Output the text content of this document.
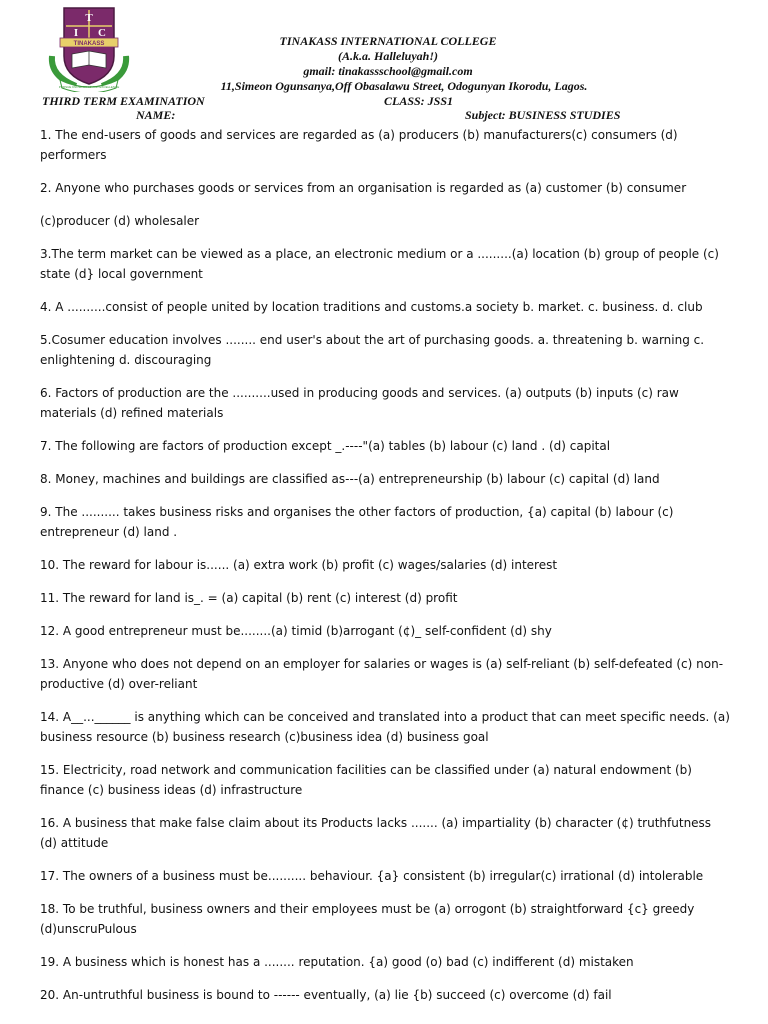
T
I C
TINAKASS
PURSUE KNOWLEDGE AND EXCELLENCE
TINAKASS INTERNATIONAL COLLEGE
(A.k.a. Halleluyah!)
gmail: tinakassschool@gmail.com
11,Simeon Ogunsanya,Off Obasalawu Street, Odogunyan Ikorodu, Lagos.
THIRD TERM EXAMINATION	CLASS: JSS1
NAME:	Subject: BUSINESS STUDIES

1. The end-users of goods and services are regarded as (a) producers (b) manufacturers(c) consumers (d) performers

2. Anyone who purchases goods or services from an organisation is regarded as (a) customer (b) consumer

(c)producer (d) wholesaler

3.The term market can be viewed as a place, an electronic medium or a .........(a) location (b) group of people (c) state (d} local government

4. A ..........consist of people united by location traditions and customs.a society b. market. c. business. d. club

5.Cosumer education involves ........ end user's about the art of purchasing goods. a. threatening b. warning c. enlightening d. discouraging

6. Factors of production are the ..........used in producing goods and services. (a) outputs (b) inputs (c) raw materials (d) refined materials

7. The following are factors of production except _.----"(a) tables (b) labour (c) land . (d) capital

8. Money, machines and buildings are classified as---(a) entrepreneurship (b) labour (c) capital (d) land

9. The .......... takes business risks and organises the other factors of production, {a) capital (b) labour (c) entrepreneur (d) land .

10. The reward for labour is...... (a) extra work (b) profit (c) wages/salaries (d) interest

11. The reward for land is_. = (a) capital (b) rent (c) interest (d) profit

12. A good entrepreneur must be........(a) timid (b)arrogant (¢)_ self-confident (d) shy

13. Anyone who does not depend on an employer for salaries or wages is (a) self-reliant (b) self-defeated (c) non-productive (d) over-reliant

14. A__...______ is anything which can be conceived and translated into a product that can meet specific needs. (a) business resource (b) business research (c)business idea (d) business goal

15. Electricity, road network and communication facilities can be classified under (a) natural endowment (b) finance (c) business ideas (d) infrastructure

16. A business that make false claim about its Products lacks ....... (a) impartiality (b) character (¢) truthfutness (d) attitude

17. The owners of a business must be.......... behaviour. {a} consistent (b) irregular(c) irrational (d) intolerable

18. To be truthful, business owners and their employees must be (a) orrogont (b) straightforward {c} greedy (d)unscruPulous

19. A business which is honest has a ........ reputation. {a) good (o) bad (c) indifferent (d) mistaken

20. An-untruthful business is bound to ------ eventually, (a) lie {b) succeed (c) overcome (d) fail
